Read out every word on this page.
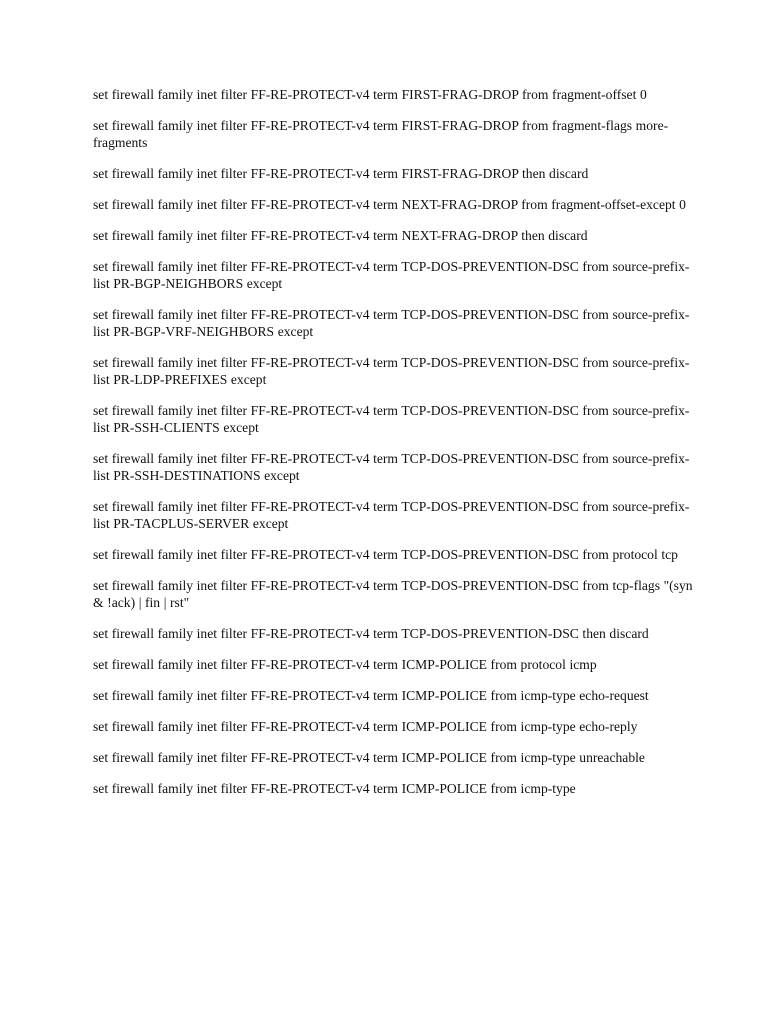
set firewall family inet filter FF-RE-PROTECT-v4 term FIRST-FRAG-DROP from fragment-offset 0

set firewall family inet filter FF-RE-PROTECT-v4 term FIRST-FRAG-DROP from fragment-flags more-fragments

set firewall family inet filter FF-RE-PROTECT-v4 term FIRST-FRAG-DROP then discard

set firewall family inet filter FF-RE-PROTECT-v4 term NEXT-FRAG-DROP from fragment-offset-except 0

set firewall family inet filter FF-RE-PROTECT-v4 term NEXT-FRAG-DROP then discard

set firewall family inet filter FF-RE-PROTECT-v4 term TCP-DOS-PREVENTION-DSC from source-prefix-list PR-BGP-NEIGHBORS except

set firewall family inet filter FF-RE-PROTECT-v4 term TCP-DOS-PREVENTION-DSC from source-prefix-list PR-BGP-VRF-NEIGHBORS except

set firewall family inet filter FF-RE-PROTECT-v4 term TCP-DOS-PREVENTION-DSC from source-prefix-list PR-LDP-PREFIXES except

set firewall family inet filter FF-RE-PROTECT-v4 term TCP-DOS-PREVENTION-DSC from source-prefix-list PR-SSH-CLIENTS except

set firewall family inet filter FF-RE-PROTECT-v4 term TCP-DOS-PREVENTION-DSC from source-prefix-list PR-SSH-DESTINATIONS except

set firewall family inet filter FF-RE-PROTECT-v4 term TCP-DOS-PREVENTION-DSC from source-prefix-list PR-TACPLUS-SERVER except

set firewall family inet filter FF-RE-PROTECT-v4 term TCP-DOS-PREVENTION-DSC from protocol tcp

set firewall family inet filter FF-RE-PROTECT-v4 term TCP-DOS-PREVENTION-DSC from tcp-flags "(syn & !ack) | fin | rst"

set firewall family inet filter FF-RE-PROTECT-v4 term TCP-DOS-PREVENTION-DSC then discard

set firewall family inet filter FF-RE-PROTECT-v4 term ICMP-POLICE from protocol icmp

set firewall family inet filter FF-RE-PROTECT-v4 term ICMP-POLICE from icmp-type echo-request

set firewall family inet filter FF-RE-PROTECT-v4 term ICMP-POLICE from icmp-type echo-reply

set firewall family inet filter FF-RE-PROTECT-v4 term ICMP-POLICE from icmp-type unreachable

set firewall family inet filter FF-RE-PROTECT-v4 term ICMP-POLICE from icmp-type
